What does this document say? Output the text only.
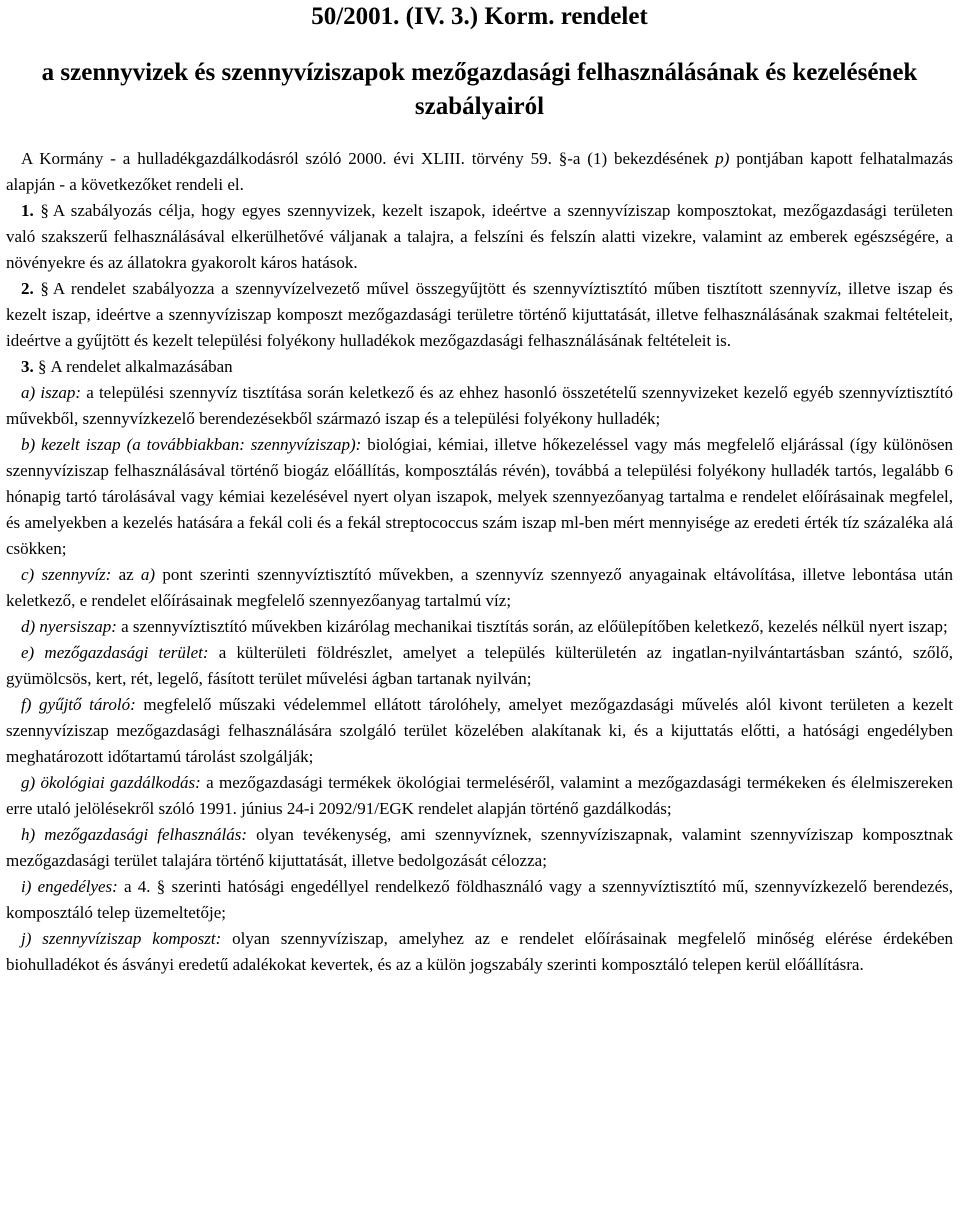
50/2001. (IV. 3.) Korm. rendelet
a szennyvizek és szennyvíziszapok mezőgazdasági felhasználásának és kezelésének szabályairól

A Kormány - a hulladékgazdálkodásról szóló 2000. évi XLIII. törvény 59. §-a (1) bekezdésének p) pontjában kapott felhatalmazás alapján - a következőket rendeli el.

1. § A szabályozás célja, hogy egyes szennyvizek, kezelt iszapok, ideértve a szennyvíziszap komposztokat, mezőgazdasági területen való szakszerű felhasználásával elkerülhetővé váljanak a talajra, a felszíni és felszín alatti vizekre, valamint az emberek egészségére, a növényekre és az állatokra gyakorolt káros hatások.

2. § A rendelet szabályozza a szennyvízelvezető művel összegyűjtött és szennyvíztisztító műben tisztított szennyvíz, illetve iszap és kezelt iszap, ideértve a szennyvíziszap komposzt mezőgazdasági területre történő kijuttatását, illetve felhasználásának szakmai feltételeit, ideértve a gyűjtött és kezelt települési folyékony hulladékok mezőgazdasági felhasználásának feltételeit is.

3. § A rendelet alkalmazásában

a) iszap: a települési szennyvíz tisztítása során keletkező és az ehhez hasonló összetételű szennyvizeket kezelő egyéb szennyvíztisztító művekből, szennyvízkezelő berendezésekből származó iszap és a települési folyékony hulladék;

b) kezelt iszap (a továbbiakban: szennyvíziszap): biológiai, kémiai, illetve hőkezeléssel vagy más megfelelő eljárással (így különösen szennyvíziszap felhasználásával történő biogáz előállítás, komposztálás révén), továbbá a települési folyékony hulladék tartós, legalább 6 hónapig tartó tárolásával vagy kémiai kezelésével nyert olyan iszapok, melyek szennyezőanyag tartalma e rendelet előírásainak megfelel, és amelyekben a kezelés hatására a fekál coli és a fekál streptococcus szám iszap ml-ben mért mennyisége az eredeti érték tíz százaléka alá csökken;

c) szennyvíz: az a) pont szerinti szennyvíztisztító művekben, a szennyvíz szennyező anyagainak eltávolítása, illetve lebontása után keletkező, e rendelet előírásainak megfelelő szennyezőanyag tartalmú víz;

d) nyersiszap: a szennyvíztisztító művekben kizárólag mechanikai tisztítás során, az előülepítőben keletkező, kezelés nélkül nyert iszap;

e) mezőgazdasági terület: a külterületi földrészlet, amelyet a település külterületén az ingatlan-nyilvántartásban szántó, szőlő, gyümölcsös, kert, rét, legelő, fásított terület művelési ágban tartanak nyilván;

f) gyűjtő tároló: megfelelő műszaki védelemmel ellátott tárolóhely, amelyet mezőgazdasági művelés alól kivont területen a kezelt szennyvíziszap mezőgazdasági felhasználására szolgáló terület közelében alakítanak ki, és a kijuttatás előtti, a hatósági engedélyben meghatározott időtartamú tárolást szolgálják;

g) ökológiai gazdálkodás: a mezőgazdasági termékek ökológiai termeléséről, valamint a mezőgazdasági termékeken és élelmiszereken erre utaló jelölésekről szóló 1991. június 24-i 2092/91/EGK rendelet alapján történő gazdálkodás;

h) mezőgazdasági felhasználás: olyan tevékenység, ami szennyvíznek, szennyvíziszapnak, valamint szennyvíziszap komposztnak mezőgazdasági terület talajára történő kijuttatását, illetve bedolgozását célozza;

i) engedélyes: a 4. § szerinti hatósági engedéllyel rendelkező földhasználó vagy a szennyvíztisztító mű, szennyvízkezelő berendezés, komposztáló telep üzemeltetője;

j) szennyvíziszap komposzt: olyan szennyvíziszap, amelyhez az e rendelet előírásainak megfelelő minőség elérése érdekében biohulladékot és ásványi eredetű adalékokat kevertek, és az a külön jogszabály szerinti komposztáló telepen kerül előállításra.
